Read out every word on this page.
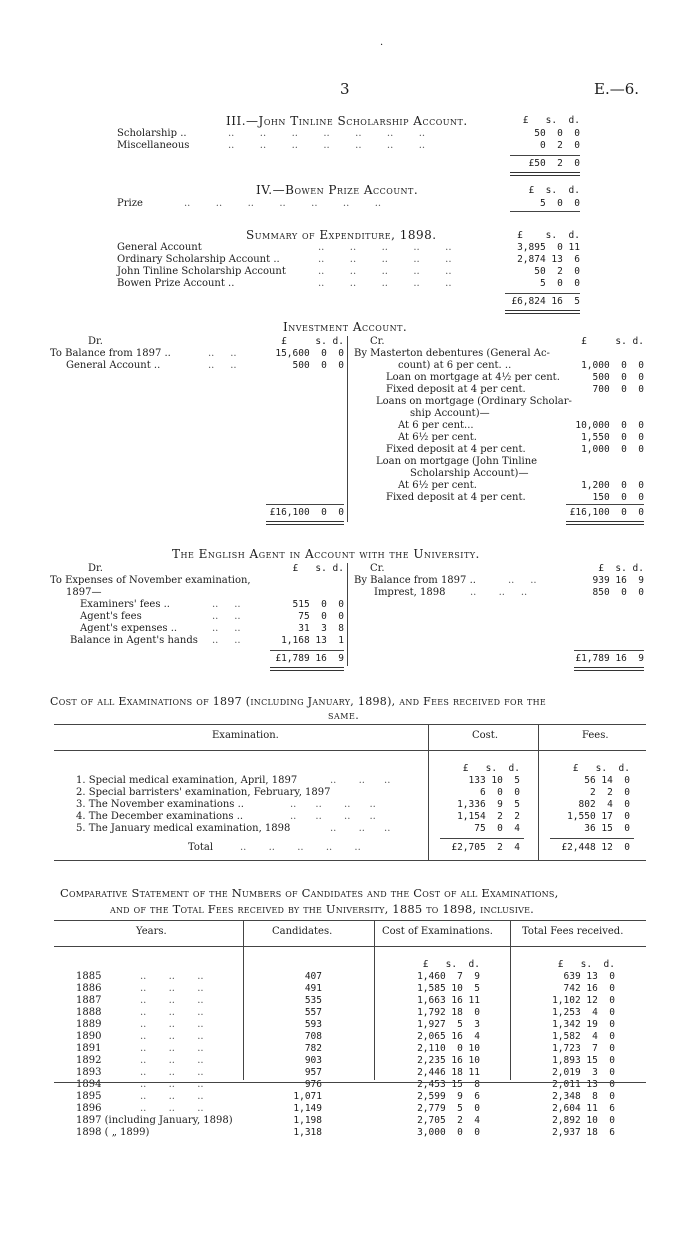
3	E.—6.
III.—John Tinline Scholarship Account.	£   s.  d.
Scholarship ..	..        ..        ..        ..        ..        ..        ..	50  0  0
Miscellaneous	..        ..        ..        ..        ..        ..        ..	0  2  0
£50  2  0
IV.—Bowen Prize Account.	£  s.  d.
Prize	..        ..        ..        ..        ..        ..        ..	5  0  0
Summary of Expenditure, 1898.	£    s.  d.
General Account	3,895  0 11
Ordinary Scholarship Account ..	2,874 13  6
John Tinline Scholarship Account	50  2  0
Bowen Prize Account ..	5  0  0
..        ..        ..        ..        ..
..        ..        ..        ..        ..
..        ..        ..        ..        ..
..        ..        ..        ..        ..
£6,824 16  5
Investment Account.
Dr.	£     s. d.	Cr.	£     s. d.
To Balance from 1897 ..	..     ..	15,600  0  0
General Account ..	..     ..	500  0  0
By Masterton debentures (General Ac-
count) at 6 per cent. ..	1,000  0  0
Loan on mortgage at 4½ per cent.	500  0  0
Fixed deposit at 4 per cent.	700  0  0
Loans on mortgage (Ordinary Scholar-
ship Account)—
At 6 per cent...	10,000  0  0
At 6½ per cent.	1,550  0  0
Fixed deposit at 4 per cent.	1,000  0  0
Loan on mortgage (John Tinline
Scholarship Account)—
At 6½ per cent.	1,200  0  0
Fixed deposit at 4 per cent.	150  0  0
£16,100  0  0	£16,100  0  0
The English Agent in Account with the University.
Dr.	£   s. d.	Cr.	£  s. d.
To Expenses of November examination,
1897—
Examiners' fees ..	515  0  0
Agent's fees	75  0  0
Agent's expenses ..	31  3  8
Balance in Agent's hands	1,168 13  1
..     ..
..     ..
..     ..
..     ..
By Balance from 1897 ..	..     ..	939 16  9
Imprest, 1898 ..       ..     ..	850  0  0
£1,789 16  9	£1,789 16  9
Cost of all Examinations of 1897 (including January, 1898), and Fees received for the
same.
Examination.	Cost.	Fees.
£   s.  d.	£   s.  d.
1. Special medical examination, April, 1897	133 10  5	56 14  0
2. Special barristers' examination, February, 1897	6  0  0	2  2  0
3. The November examinations ..	1,336  9  5	802  4  0
4. The December examinations ..	1,154  2  2	1,550 17  0
5. The January medical examination, 1898	75  0  4	36 15  0
..       ..      ..
..      ..       ..      ..
..      ..       ..      ..
..       ..      ..
Total	..       ..       ..       ..       ..	£2,705  2  4	£2,448 12  0
Comparative Statement of the Numbers of Candidates and the Cost of all Examinations,
and of the Total Fees received by the University, 1885 to 1898, inclusive.
Years.	Candidates.	Cost of Examinations.	Total Fees received.
£   s.  d.	£   s.  d.
1885	..       ..       ..	407	1,460  7  9	639 13  0
1886	..       ..       ..	491	1,585 10  5	742 16  0
1887	..       ..       ..	535	1,663 16 11	1,102 12  0
1888	..       ..       ..	557	1,792 18  0	1,253  4  0
1889	..       ..       ..	593	1,927  5  3	1,342 19  0
1890	..       ..       ..	708	2,065 16  4	1,582  4  0
1891	..       ..       ..	782	2,110  0 10	1,723  7  0
1892	..       ..       ..	903	2,235 16 10	1,893 15  0
1893	..       ..       ..	957	2,446 18 11	2,019  3  0
1894	..       ..       ..	976	2,453 15  8	2,011 13  0
1895	..       ..       ..	1,071	2,599  9  6	2,348  8  0
1896	..       ..       ..	1,149	2,779  5  0	2,604 11  6
1897 (including January, 1898)	1,198	2,705  2  4	2,892 10  0
1898 ( „ 1899)	1,318	3,000  0  0	2,937 18  6
·
